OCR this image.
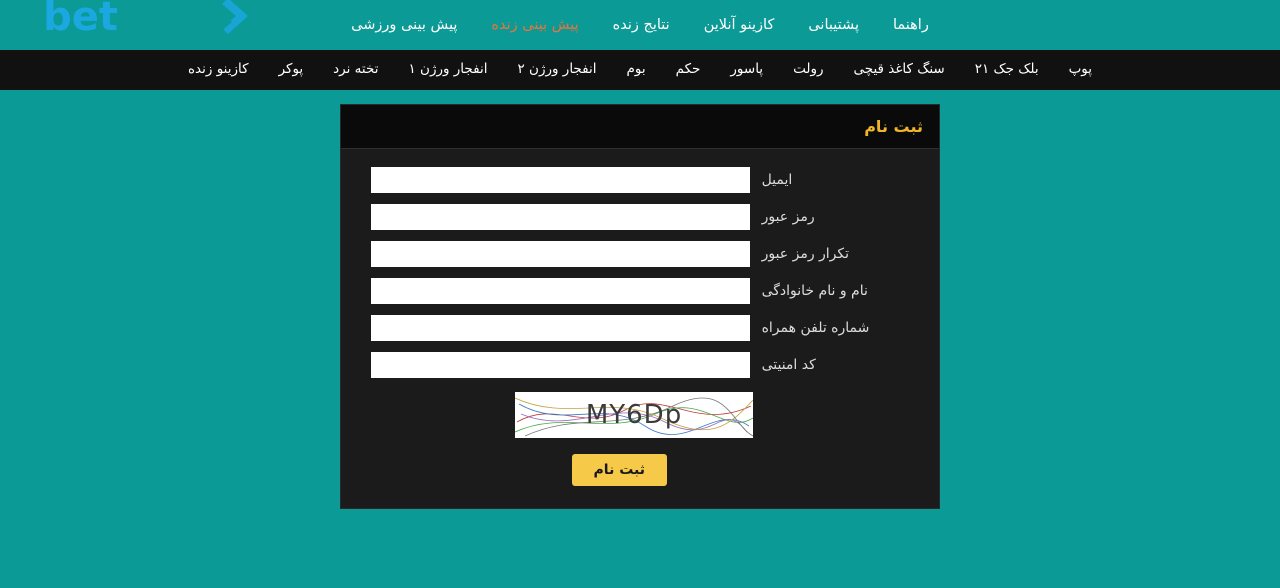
راهنما
پشتیبانی
کازینو آنلاین
نتایج زنده
پیش بینی زنده
پیش بینی ورزشی
bet
پوپ
بلک جک ۲۱
سنگ کاغذ قیچی
رولت
پاسور
حکم
بوم
انفجار ورژن ۲
انفجار ورژن ۱
تخته نرد
پوکر
کازینو زنده
ثبت نام
ایمیل
رمز عبور
تکرار رمز عبور
نام و نام خانوادگی
شماره تلفن همراه
کد امنیتی
MY6Dp
ثبت نام
